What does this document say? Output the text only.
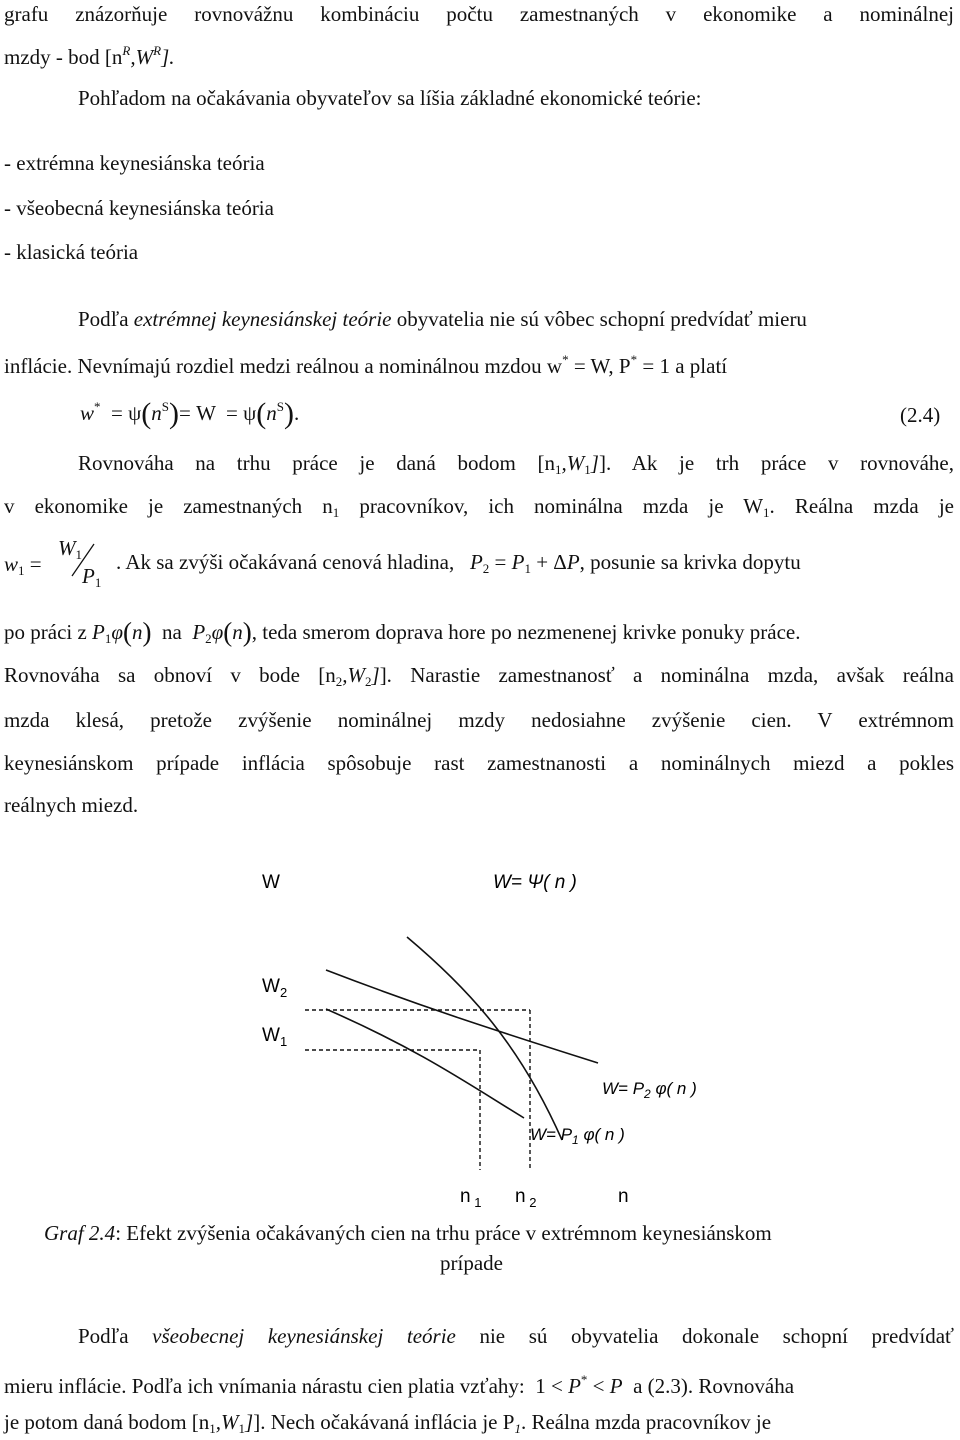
grafu znázorňuje rovnovážnu kombináciu počtu zamestnaných v ekonomike a nominálnej
mzdy - bod $[n^R,W^R]$.
Pohľadom na očakávania obyvateľov sa líšia základné ekonomické teórie:
- extrémna keynesiánska teória
- všeobecná keynesiánska teória
- klasická teória
Podľa extrémnej keynesiánskej teórie obyvatelia nie sú vôbec schopní predvídať mieru
inflácie. Nevnímajú rozdiel medzi reálnou a nominálnou mzdou w* = W, P* = 1 a platí
$w^* = \psi(n^S)= W = \psi(n^S)$.	(2.4)
Rovnováha na trhu práce je daná bodom $[n_1,W_1]$]. Ak je trh práce v rovnováhe,
v ekonomike je zamestnaných $n_1$ pracovníkov, ich nominálna mzda je $W_1$. Reálna mzda je
$w_1$ =
$W_1$
$P_1$
. Ak sa zvýši očakávaná cenová hladina, $P_2 = P_1 + \Delta P$, posunie sa krivka dopytu
po práci z $P_1\varphi(n)$ na $P_2\varphi(n)$, teda smerom doprava hore po nezmenenej krivke ponuky práce.
Rovnováha sa obnoví v bode $[n_2,W_2]$]. Narastie zamestnanosť a nominálna mzda, avšak reálna
mzda klesá, pretože zvýšenie nominálnej mzdy nedosiahne zvýšenie cien. V extrémnom
keynesiánskom prípade inflácia spôsobuje rast zamestnanosti a nominálnych miezd a pokles
reálnych miezd.
W
n
W= Ψ( n )
$W= P_2$ φ( n )
$W= P_1$ φ( n )
$W_2$
$W_1$
n $_1$ n $_2$
Graf 2.4: Efekt zvýšenia očakávaných cien na trhu práce v extrémnom keynesiánskom
prípade
Podľa všeobecnej keynesiánskej teórie nie sú obyvatelia dokonale schopní predvídať
mieru inflácie. Podľa ich vnímania nárastu cien platia vzťahy:  1 < P* < P a (2.3). Rovnováha
je potom daná bodom $[n_1,W_1]$]. Nech očakávaná inflácia je $P_1$. Reálna mzda pracovníkov je
